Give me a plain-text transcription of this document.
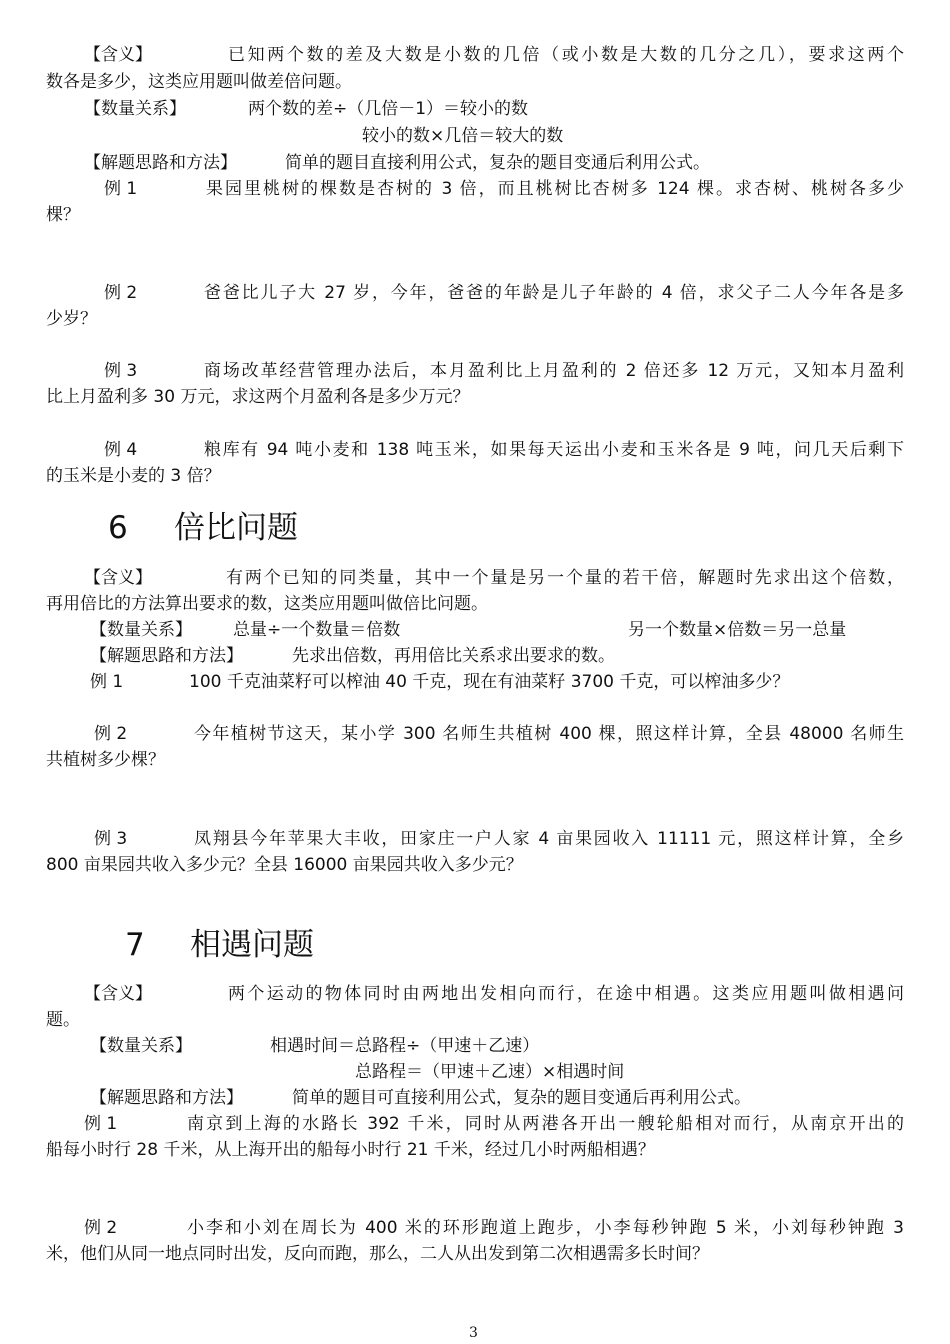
【含义】	已知两个数的差及大数是小数的几倍（或小数是大数的几分之几），要求这两个
数各是多少，这类应用题叫做差倍问题。
【数量关系】	两个数的差÷（几倍－1）＝较小的数
较小的数×几倍＝较大的数
【解题思路和方法】	简单的题目直接利用公式，复杂的题目变通后利用公式。
例 1	果园里桃树的棵数是杏树的 3 倍，而且桃树比杏树多 124 棵。求杏树、桃树各多少
棵？
例 2	爸爸比儿子大 27 岁，今年，爸爸的年龄是儿子年龄的 4 倍，求父子二人今年各是多
少岁？
例 3	商场改革经营管理办法后，本月盈利比上月盈利的 2 倍还多 12 万元，又知本月盈利
比上月盈利多 30 万元，求这两个月盈利各是多少万元？
例 4	粮库有 94 吨小麦和 138 吨玉米，如果每天运出小麦和玉米各是 9 吨，问几天后剩下
的玉米是小麦的 3 倍？
6 倍比问题
【含义】	有两个已知的同类量，其中一个量是另一个量的若干倍，解题时先求出这个倍数，
再用倍比的方法算出要求的数，这类应用题叫做倍比问题。
【数量关系】 总量÷一个数量＝倍数	另一个数量×倍数＝另一总量
【解题思路和方法】	先求出倍数，再用倍比关系求出要求的数。
例 1	100 千克油菜籽可以榨油 40 千克，现在有油菜籽 3700 千克，可以榨油多少？
例 2	今年植树节这天，某小学 300 名师生共植树 400 棵，照这样计算，全县 48000 名师生
共植树多少棵？
例 3	凤翔县今年苹果大丰收，田家庄一户人家 4 亩果园收入 11111 元，照这样计算，全乡
800 亩果园共收入多少元？全县 16000 亩果园共收入多少元？
7 相遇问题
【含义】	两个运动的物体同时由两地出发相向而行，在途中相遇。这类应用题叫做相遇问
题。
【数量关系】	相遇时间＝总路程÷（甲速＋乙速）
总路程＝（甲速＋乙速）×相遇时间
【解题思路和方法】	简单的题目可直接利用公式，复杂的题目变通后再利用公式。
例 1	南京到上海的水路长 392 千米，同时从两港各开出一艘轮船相对而行，从南京开出的
船每小时行 28 千米，从上海开出的船每小时行 21 千米，经过几小时两船相遇？
例 2	小李和小刘在周长为 400 米的环形跑道上跑步，小李每秒钟跑 5 米，小刘每秒钟跑 3
米，他们从同一地点同时出发，反向而跑，那么，二人从出发到第二次相遇需多长时间？
3
